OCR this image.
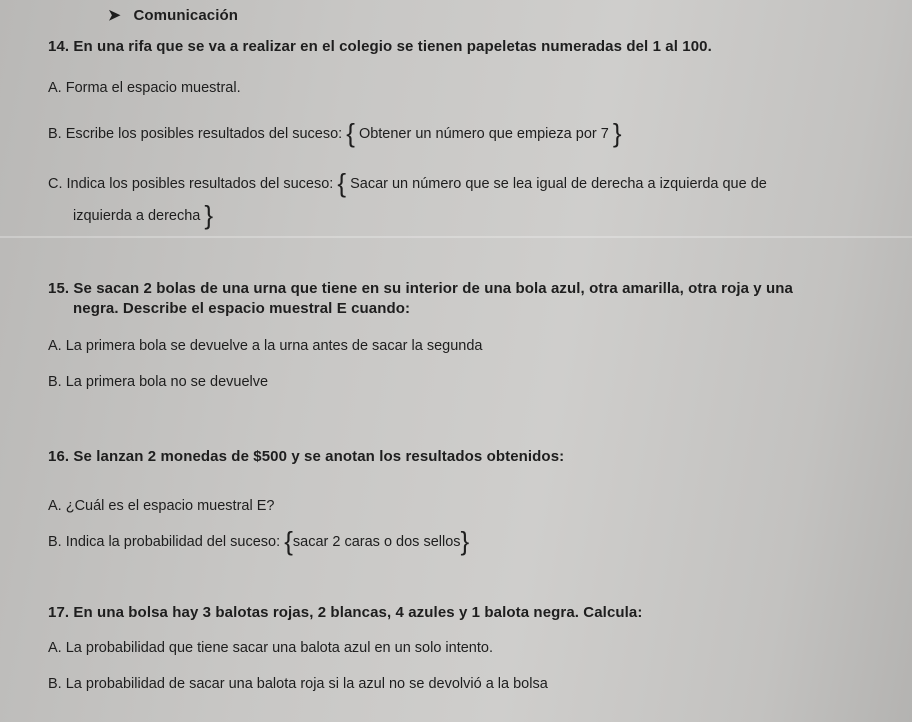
➤ Comunicación
14. En una rifa que se va a realizar en el colegio se tienen papeletas numeradas del 1 al 100.
A. Forma el espacio muestral.
B. Escribe los posibles resultados del suceso: { Obtener un número que empieza por 7 }
C. Indica los posibles resultados del suceso: { Sacar un número que se lea igual de derecha a izquierda que de
izquierda a derecha }
15. Se sacan 2 bolas de una urna que tiene en su interior de una bola azul, otra amarilla, otra roja y una
negra. Describe el espacio muestral E cuando:
A. La primera bola se devuelve a la urna antes de sacar la segunda
B. La primera bola no se devuelve
16. Se lanzan 2 monedas de $500 y se anotan los resultados obtenidos:
A. ¿Cuál es el espacio muestral E?
B. Indica la probabilidad del suceso: {sacar 2 caras o dos sellos}
17. En una bolsa hay 3 balotas rojas, 2 blancas, 4 azules y 1 balota negra. Calcula:
A. La probabilidad que tiene sacar una balota azul en un solo intento.
B. La probabilidad de sacar una balota roja si la azul no se devolvió a la bolsa
